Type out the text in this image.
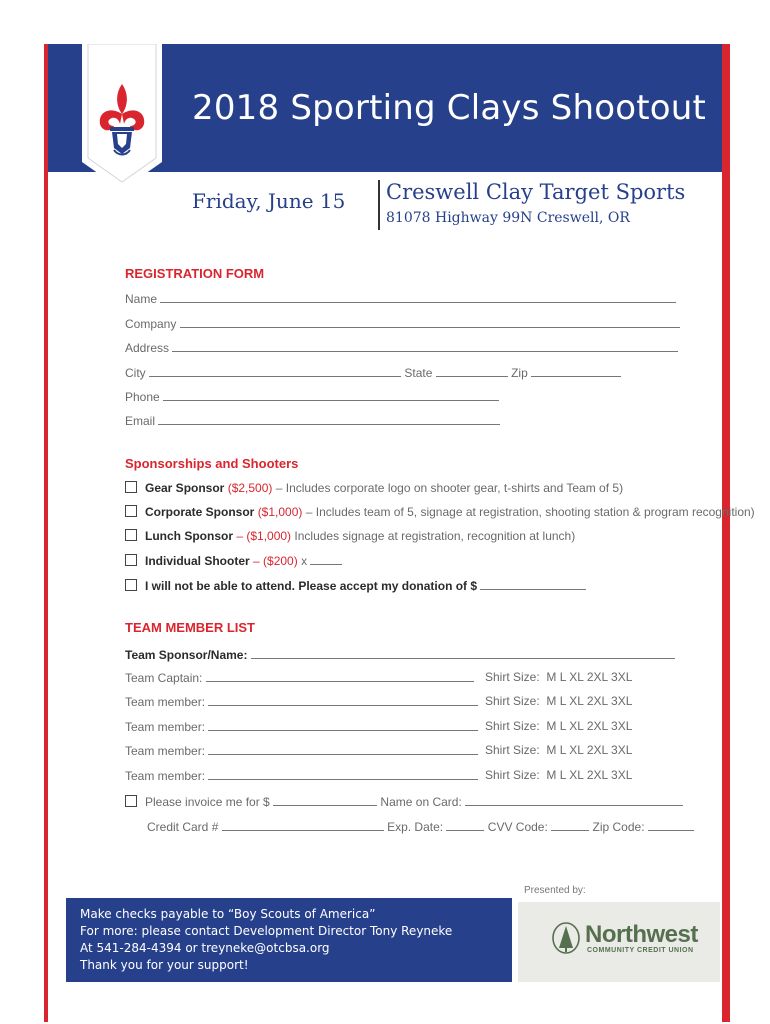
2018 Sporting Clays Shootout
Friday, June 15 Creswell Clay Target Sports
81078 Highway 99N Creswell, OR
REGISTRATION FORM
Name
Company
Address
City	State	Zip
Phone
Email
Sponsorships and Shooters
Gear Sponsor ($2,500) – Includes corporate logo on shooter gear, t-shirts and Team of 5)
Corporate Sponsor ($1,000) – Includes team of 5, signage at registration, shooting station & program recognition)
Lunch Sponsor – ($1,000) Includes signage at registration, recognition at lunch)
Individual Shooter – ($200) x
I will not be able to attend. Please accept my donation of $
TEAM MEMBER LIST
Team Sponsor/Name:
Team Captain:	Shirt Size: M L XL 2XL 3XL
Team member:	Shirt Size: M L XL 2XL 3XL
Team member:	Shirt Size: M L XL 2XL 3XL
Team member:	Shirt Size: M L XL 2XL 3XL
Team member:	Shirt Size: M L XL 2XL 3XL
Please invoice me for $	Name on Card:
Credit Card #	Exp. Date:	CVV Code:	Zip Code:
Make checks payable to “Boy Scouts of America”
For more: please contact Development Director Tony Reyneke
At 541-284-4394 or treyneke@otcbsa.org
Thank you for your support!
Presented by:
Northwest
COMMUNITY CREDIT UNION
